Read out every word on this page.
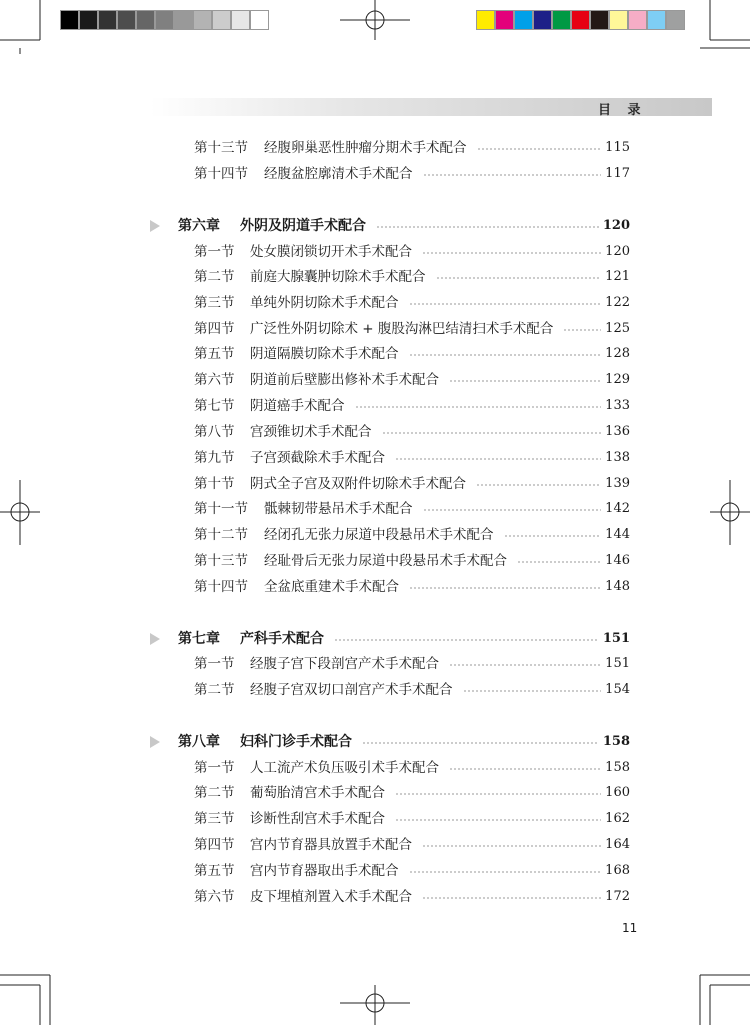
目 录
第十三节 经腹卵巢恶性肿瘤分期术手术配合	115
第十四节 经腹盆腔廓清术手术配合	117
第六章 外阴及阴道手术配合	120
第一节 处女膜闭锁切开术手术配合	120
第二节 前庭大腺囊肿切除术手术配合	121
第三节 单纯外阴切除术手术配合	122
第四节 广泛性外阴切除术 + 腹股沟淋巴结清扫术手术配合	125
第五节 阴道隔膜切除术手术配合	128
第六节 阴道前后壁膨出修补术手术配合	129
第七节 阴道癌手术配合	133
第八节 宫颈锥切术手术配合	136
第九节 子宫颈截除术手术配合	138
第十节 阴式全子宫及双附件切除术手术配合	139
第十一节 骶棘韧带悬吊术手术配合	142
第十二节 经闭孔无张力尿道中段悬吊术手术配合	144
第十三节 经耻骨后无张力尿道中段悬吊术手术配合	146
第十四节 全盆底重建术手术配合	148
第七章 产科手术配合	151
第一节 经腹子宫下段剖宫产术手术配合	151
第二节 经腹子宫双切口剖宫产术手术配合	154
第八章 妇科门诊手术配合	158
第一节 人工流产术负压吸引术手术配合	158
第二节 葡萄胎清宫术手术配合	160
第三节 诊断性刮宫术手术配合	162
第四节 宫内节育器具放置手术配合	164
第五节 宫内节育器取出手术配合	168
第六节 皮下埋植剂置入术手术配合	172
11
